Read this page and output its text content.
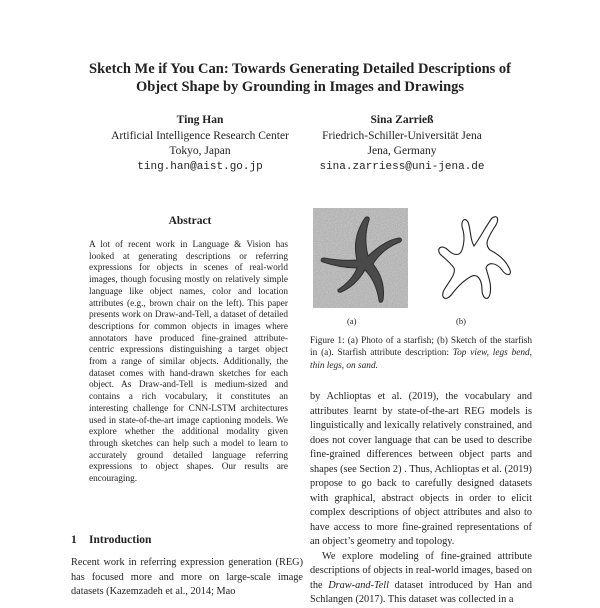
Sketch Me if You Can: Towards Generating Detailed Descriptions of
Object Shape by Grounding in Images and Drawings
Ting Han
Artificial Intelligence Research Center
Tokyo, Japan
ting.han@aist.go.jp
Sina Zarrieß
Friedrich-Schiller-Universität Jena
Jena, Germany
sina.zarriess@uni-jena.de
Abstract
A lot of recent work in Language & Vision has looked at generating descriptions or referring expressions for objects in scenes of real-world images, though focusing mostly on relatively simple language like object names, color and location attributes (e.g., brown chair on the left). This paper presents work on Draw-and-Tell, a dataset of detailed descriptions for common objects in images where annotators have produced fine-grained attribute-centric expressions distinguishing a target object from a range of similar objects. Additionally, the dataset comes with hand-drawn sketches for each object. As Draw-and-Tell is medium-sized and contains a rich vocabulary, it constitutes an interesting challenge for CNN-LSTM architectures used in state-of-the-art image captioning models. We explore whether the additional modality given through sketches can help such a model to learn to accurately ground detailed language referring expressions to object shapes. Our results are encouraging.
1 Introduction
Recent work in referring expression generation (REG) has focused more and more on large-scale image datasets (Kazemzadeh et al., 2014; Mao
(a)	(b)
Figure 1: (a) Photo of a starfish; (b) Sketch of the starfish in (a). Starfish attribute description: Top view, legs bend, thin legs, on sand.
by Achlioptas et al. (2019), the vocabulary and attributes learnt by state-of-the-art REG models is linguistically and lexically relatively constrained, and does not cover language that can be used to describe fine-grained differences between object parts and shapes (see Section 2) . Thus, Achlioptas et al. (2019) propose to go back to carefully designed datasets with graphical, abstract objects in order to elicit complex descriptions of object attributes and also to have access to more fine-grained representations of an object’s geometry and topology.
We explore modeling of fine-grained attribute descriptions of objects in real-world images, based on the Draw-and-Tell dataset introduced by Han and Schlangen (2017). This dataset was collected in a
